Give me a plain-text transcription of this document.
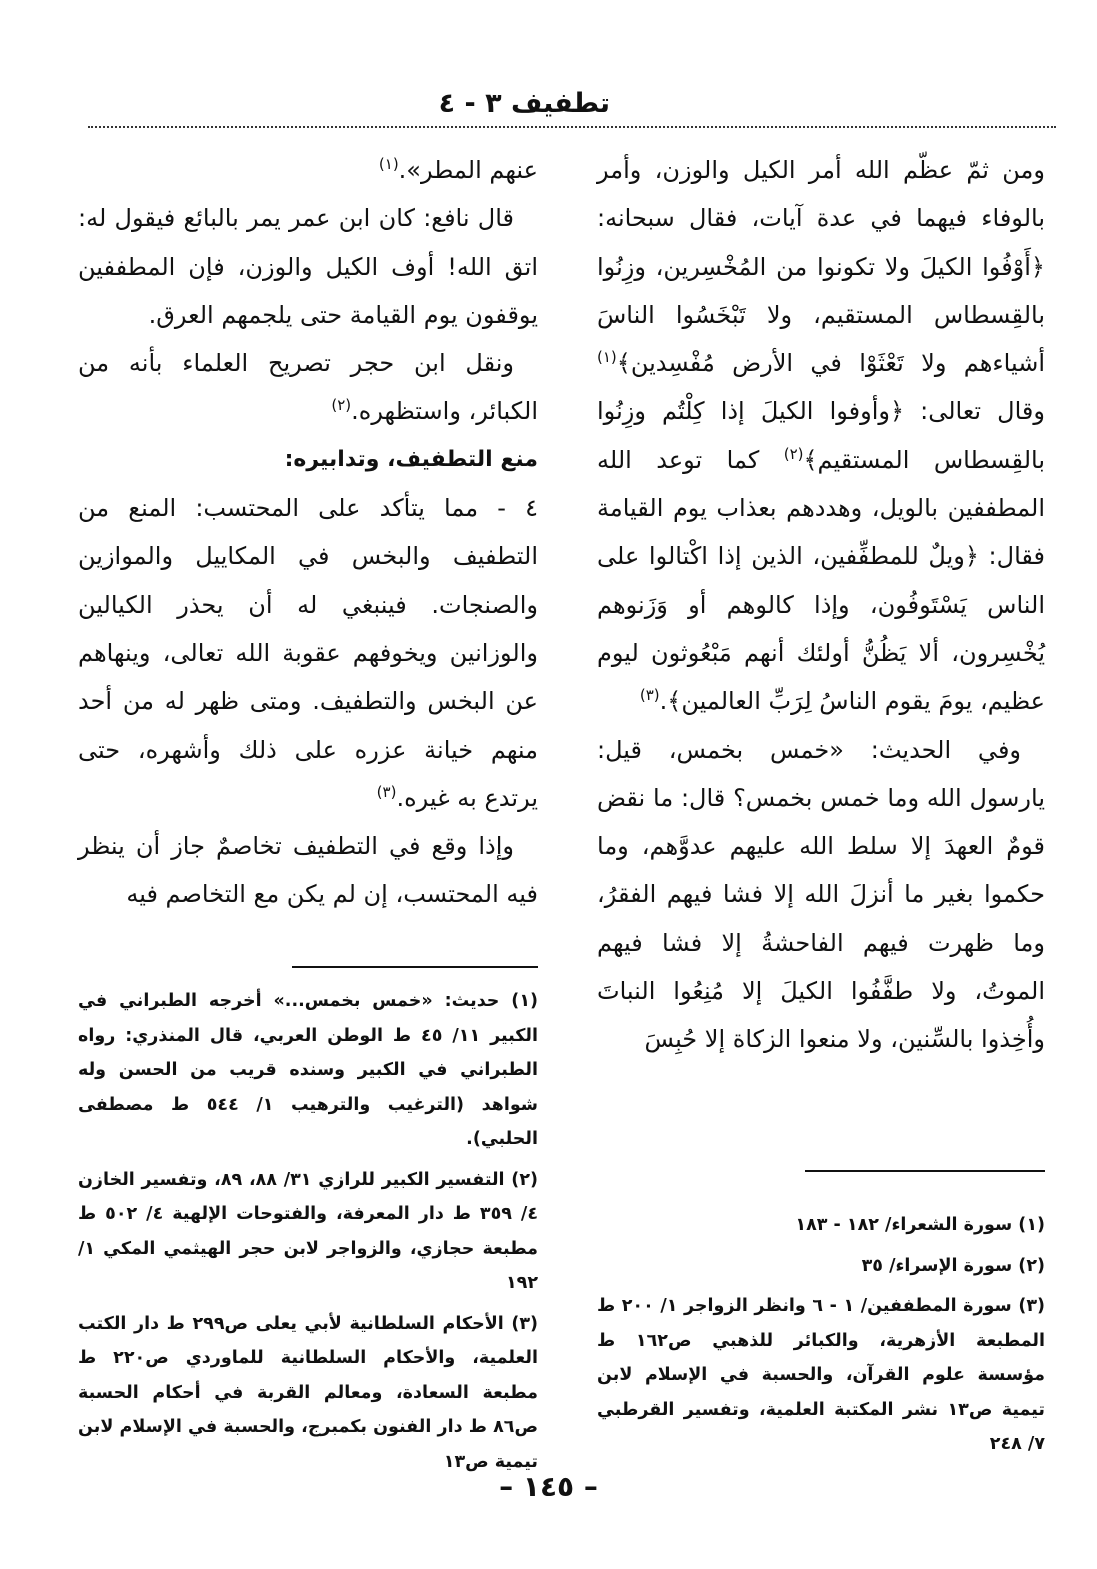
تطفيف ٣ - ٤

ومن ثمّ عظّم الله أمر الكيل والوزن، وأمر بالوفاء فيهما في عدة آيات، فقال سبحانه: ﴿أَوْفُوا الكيلَ ولا تكونوا من المُخْسِرين، وزِنُوا بالقِسطاس المستقيم، ولا تَبْخَسُوا الناسَ أشياءهم ولا تَعْثَوْا في الأرض مُفْسِدين﴾$^{(١)}$ وقال تعالى: ﴿وأوفوا الكيلَ إذا كِلْتُم وزِنُوا بالقِسطاس المستقيم﴾$^{(٢)}$ كما توعد الله المطففين بالويل، وهددهم بعذاب يوم القيامة فقال: ﴿ويلٌ للمطفِّفين، الذين إذا اكْتالوا على الناس يَسْتَوفُون، وإذا كالوهم أو وَزَنوهم يُخْسِرون، ألا يَظُنُّ أولئك أنهم مَبْعُوثون ليوم عظيم، يومَ يقوم الناسُ لِرَبِّ العالمين﴾.$^{(٣)}$

وفي الحديث: «خمس بخمس، قيل: يارسول الله وما خمس بخمس؟ قال: ما نقض قومٌ العهدَ إلا سلط الله عليهم عدوَّهم، وما حكموا بغير ما أنزلَ الله إلا فشا فيهم الفقرُ، وما ظهرت فيهم الفاحشةُ إلا فشا فيهم الموتُ، ولا طفَّفُوا الكيلَ إلا مُنِعُوا النباتَ وأُخِذوا بالسِّنين، ولا منعوا الزكاة إلا حُبِسَ

عنهم المطر».$^{(١)}$

قال نافع: كان ابن عمر يمر بالبائع فيقول له: اتق الله! أوف الكيل والوزن، فإن المطففين يوقفون يوم القيامة حتى يلجمهم العرق.

ونقل ابن حجر تصريح العلماء بأنه من الكبائر، واستظهره.$^{(٢)}$

منع التطفيف، وتدابيره:

٤ - مما يتأكد على المحتسب: المنع من التطفيف والبخس في المكاييل والموازين والصنجات. فينبغي له أن يحذر الكيالين والوزانين ويخوفهم عقوبة الله تعالى، وينهاهم عن البخس والتطفيف. ومتى ظهر له من أحد منهم خيانة عزره على ذلك وأشهره، حتى يرتدع به غيره.$^{(٣)}$

وإذا وقع في التطفيف تخاصمٌ جاز أن ينظر فيه المحتسب، إن لم يكن مع التخاصم فيه

(١) حديث: «خمس بخمس...» أخرجه الطبراني في الكبير ١١/ ٤٥ ط الوطن العربي، قال المنذري: رواه الطبراني في الكبير وسنده قريب من الحسن وله شواهد (الترغيب والترهيب ١/ ٥٤٤ ط مصطفى الحلبي).

(٢) التفسير الكبير للرازي ٣١/ ٨٨، ٨٩، وتفسير الخازن ٤/ ٣٥٩ ط دار المعرفة، والفتوحات الإلهية ٤/ ٥٠٢ ط مطبعة حجازي، والزواجر لابن حجر الهيثمي المكي ١/ ١٩٢

(٣) الأحكام السلطانية لأبي يعلى ص٢٩٩ ط دار الكتب العلمية، والأحكام السلطانية للماوردي ص٢٢٠ ط مطبعة السعادة، ومعالم القربة في أحكام الحسبة ص٨٦ ط دار الفنون بكمبرج، والحسبة في الإسلام لابن تيمية ص١٣

(١) سورة الشعراء/ ١٨٢ - ١٨٣

(٢) سورة الإسراء/ ٣٥

(٣) سورة المطففين/ ١ - ٦ وانظر الزواجر ١/ ٢٠٠ ط المطبعة الأزهرية، والكبائر للذهبي ص١٦٢ ط مؤسسة علوم القرآن، والحسبة في الإسلام لابن تيمية ص١٣ نشر المكتبة العلمية، وتفسير القرطبي ٧/ ٢٤٨

– ١٤٥ –
